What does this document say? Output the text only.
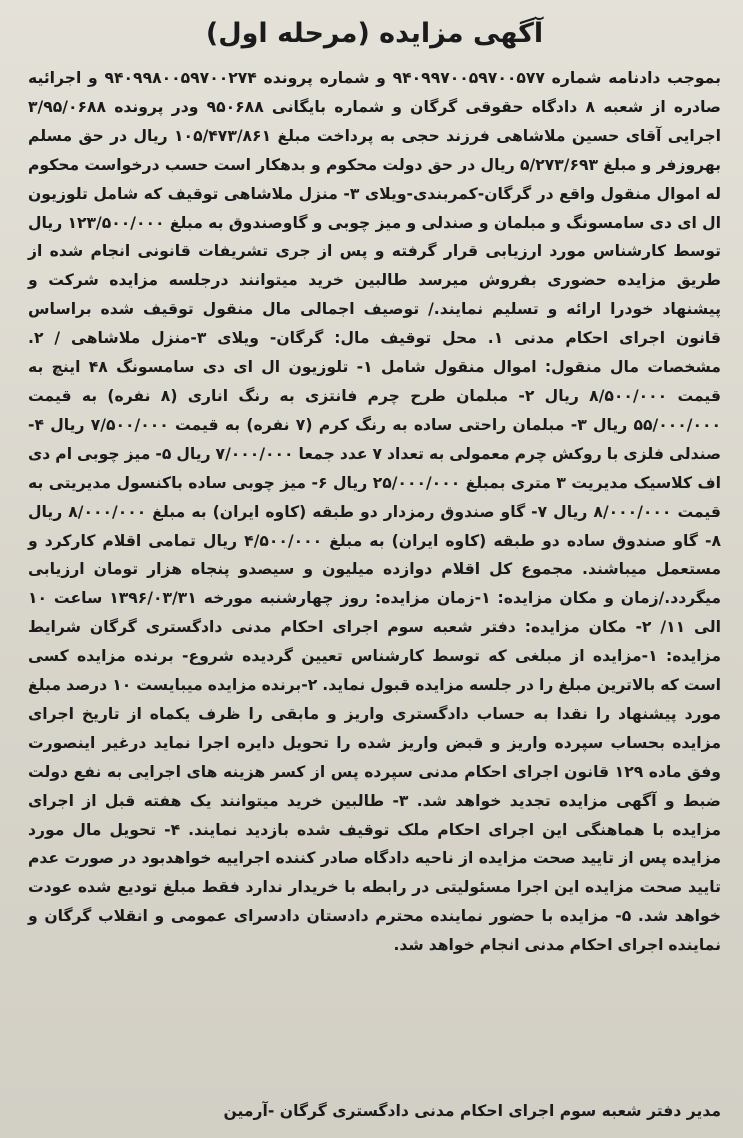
آگهی مزایده (مرحله اول)

بموجب دادنامه شماره ۹۴۰۹۹۷۰۰۵۹۷۰۰۵۷۷ و شماره پرونده ۹۴۰۹۹۸۰۰۵۹۷۰۰۲۷۴ و اجرائیه صادره از شعبه ۸ دادگاه حقوقی گرگان و شماره بایگانی ۹۵۰۶۸۸ ودر پرونده ۳/۹۵/۰۶۸۸ اجرایی آقای حسین ملاشاهی فرزند حجی به پرداخت مبلغ ۱۰۵/۴۷۳/۸۶۱ ریال در حق مسلم بهروزفر و مبلغ ۵/۲۷۳/۶۹۳ ریال در حق دولت محکوم و بدهکار است حسب درخواست محکوم له اموال منقول واقع در گرگان-کمربندی-ویلای ۳- منزل ملاشاهی توقیف که شامل تلوزیون ال ای دی سامسونگ و مبلمان و صندلی و میز چوبی و گاوصندوق به مبلغ ۱۲۳/۵۰۰/۰۰۰ ریال توسط کارشناس مورد ارزیابی قرار گرفته و پس از جری تشریفات قانونی انجام شده از طریق مزایده حضوری بفروش میرسد طالبین خرید میتوانند درجلسه مزایده شرکت و پیشنهاد خودرا ارائه و تسلیم نمایند./ توصیف اجمالی مال منقول توقیف شده براساس قانون اجرای احکام مدنی ۱. محل توقیف مال: گرگان- ویلای ۳-منزل ملاشاهی / ۲. مشخصات مال منقول: اموال منقول شامل ۱- تلوزیون ال ای دی سامسونگ ۴۸ اینچ به قیمت ۸/۵۰۰/۰۰۰ ریال ۲- مبلمان طرح چرم فانتزی به رنگ اناری (۸ نفره) به قیمت ۵۵/۰۰۰/۰۰۰ ریال ۳- مبلمان راحتی ساده به رنگ کرم (۷ نفره) به قیمت ۷/۵۰۰/۰۰۰ ریال ۴- صندلی فلزی با روکش چرم معمولی به تعداد ۷ عدد جمعا ۷/۰۰۰/۰۰۰ ریال ۵- میز چوبی ام دی اف کلاسیک مدیریت ۳ متری بمبلغ ۲۵/۰۰۰/۰۰۰ ریال ۶- میز چوبی ساده باکنسول مدیریتی به قیمت ۸/۰۰۰/۰۰۰ ریال ۷- گاو صندوق رمزدار دو طبقه (کاوه ایران) به مبلغ ۸/۰۰۰/۰۰۰ ریال ۸- گاو صندوق ساده دو طبقه (کاوه ایران) به مبلغ ۴/۵۰۰/۰۰۰ ریال تمامی اقلام کارکرد و مستعمل میباشند. مجموع کل اقلام دوازده میلیون و سیصدو پنجاه هزار تومان ارزیابی میگردد./زمان و مکان مزایده: ۱-زمان مزایده: روز چهارشنبه مورخه ۱۳۹۶/۰۳/۳۱ ساعت ۱۰ الی ۱۱/ ۲- مکان مزایده: دفتر شعبه سوم اجرای احکام مدنی دادگستری گرگان شرایط مزایده: ۱-مزایده از مبلغی که توسط کارشناس تعیین گردیده شروع- برنده مزایده کسی است که بالاترین مبلغ را در جلسه مزایده قبول نماید. ۲-برنده مزایده میبایست ۱۰ درصد مبلغ مورد پیشنهاد را نقدا به حساب دادگستری واریز و مابقی را ظرف یکماه از تاریخ اجرای مزایده بحساب سپرده واریز و قبض واریز شده را تحویل دایره اجرا نماید درغیر اینصورت وفق ماده ۱۲۹ قانون اجرای احکام مدنی سپرده پس از کسر هزینه های اجرایی به نفع دولت ضبط و آگهی مزایده تجدید خواهد شد. ۳- طالبین خرید میتوانند یک هفته قبل از اجرای مزایده با هماهنگی این اجرای احکام ملک توقیف شده بازدید نمایند. ۴- تحویل مال مورد مزایده پس از تایید صحت مزایده از ناحیه دادگاه صادر کننده اجراییه خواهدبود در صورت عدم تایید صحت مزایده این اجرا مسئولیتی در رابطه با خریدار ندارد فقط مبلغ تودیع شده عودت خواهد شد. ۵- مزایده با حضور نماینده محترم دادستان دادسرای عمومی و انقلاب گرگان و نماینده اجرای احکام مدنی انجام خواهد شد.

مدیر دفتر شعبه سوم اجرای احکام مدنی دادگستری گرگان -آرمین
